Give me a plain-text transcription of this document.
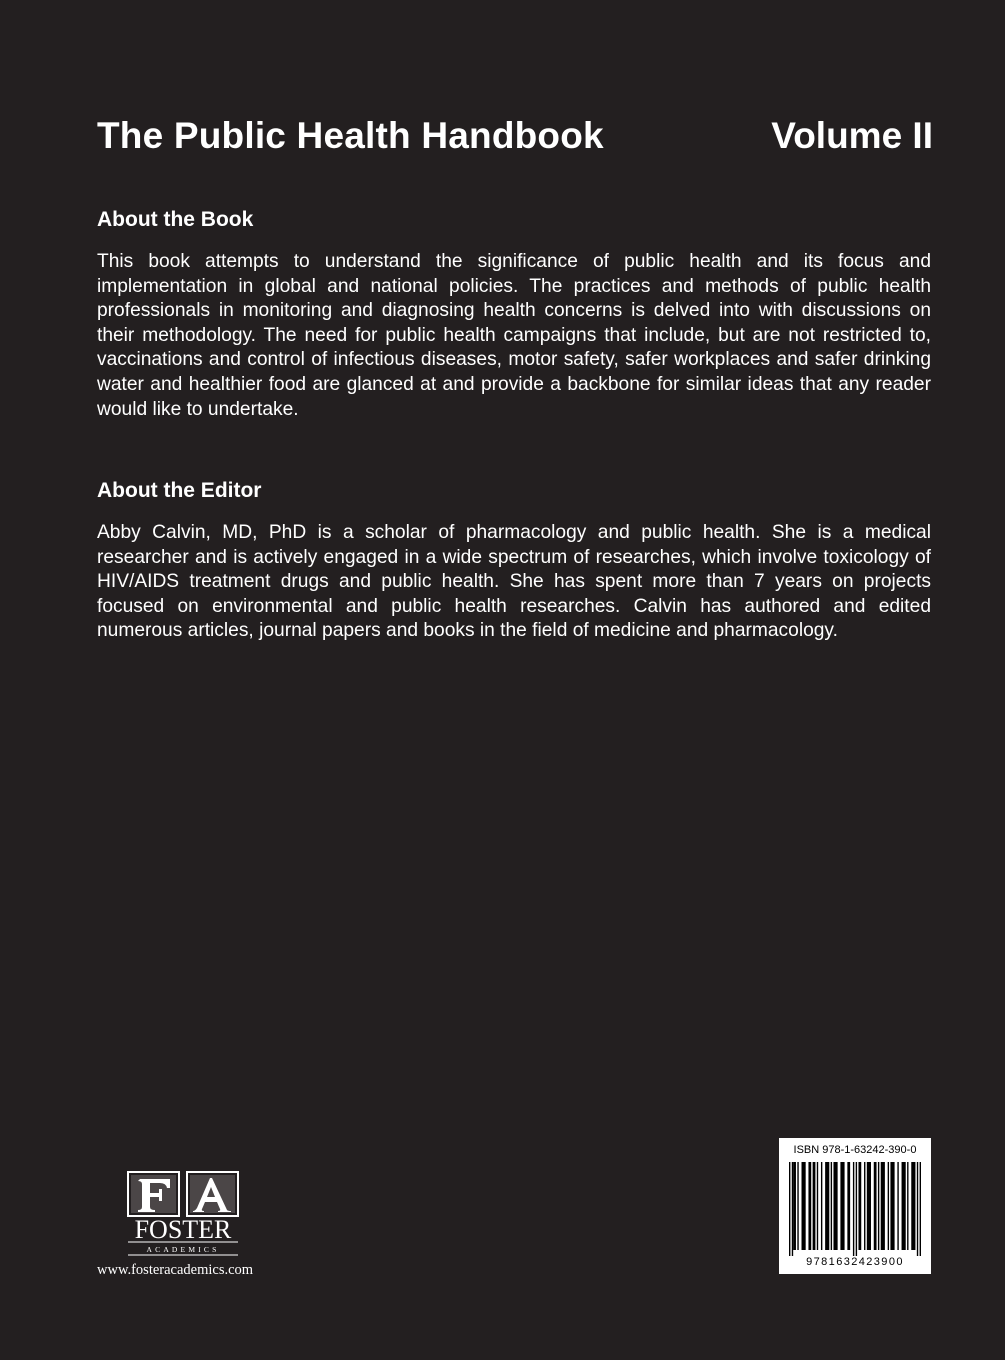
The Public Health Handbook	Volume II
About the Book

This book attempts to understand the significance of public health and its focus and implementation in global and national policies. The practices and methods of public health professionals in monitoring and diagnosing health concerns is delved into with discussions on their methodology. The need for public health campaigns that include, but are not restricted to, vaccinations and control of infectious diseases, motor safety, safer workplaces and safer drinking water and healthier food are glanced at and provide a backbone for similar ideas that any reader would like to undertake.

About the Editor

Abby Calvin, MD, PhD is a scholar of pharmacology and public health. She is a medical researcher and is actively engaged in a wide spectrum of researches, which involve toxicology of HIV/AIDS treatment drugs and public health. She has spent more than 7 years on projects focused on environmental and public health researches. Calvin has authored and edited numerous articles, journal papers and books in the field of medicine and pharmacology.

FOSTER
ACADEMICS
www.fosteracademics.com
ISBN 978-1-63242-390-0
9781632423900
